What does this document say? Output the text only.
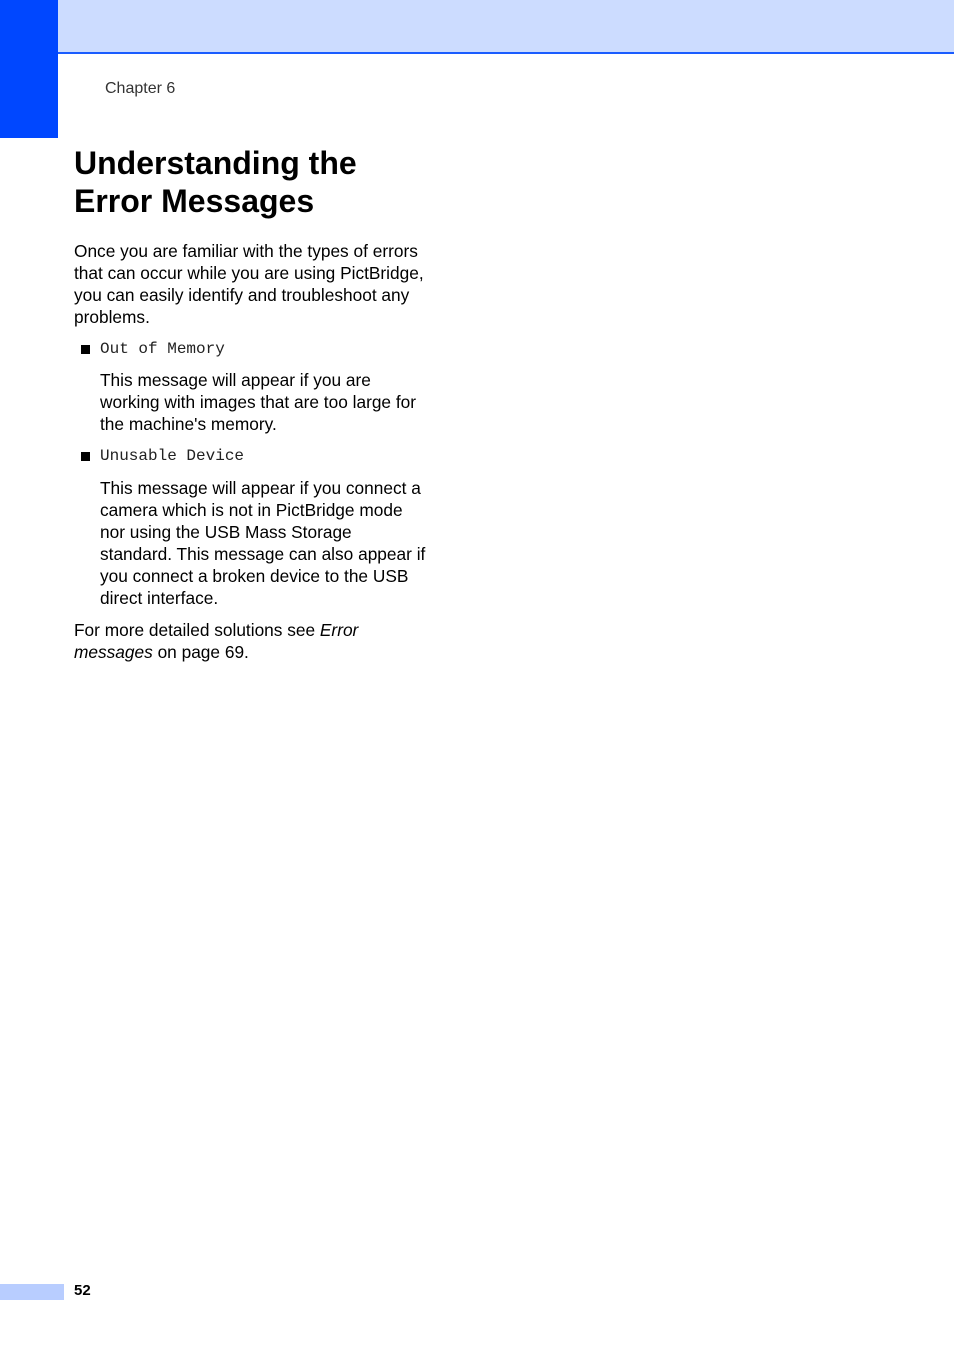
Chapter 6
Understanding the
Error Messages

Once you are familiar with the types of errors
that can occur while you are using PictBridge,
you can easily identify and troubleshoot any
problems.

Out of Memory

This message will appear if you are
working with images that are too large for
the machine's memory.

Unusable Device

This message will appear if you connect a
camera which is not in PictBridge mode
nor using the USB Mass Storage
standard. This message can also appear if
you connect a broken device to the USB
direct interface.

For more detailed solutions see Error
messages on page 69.

52
